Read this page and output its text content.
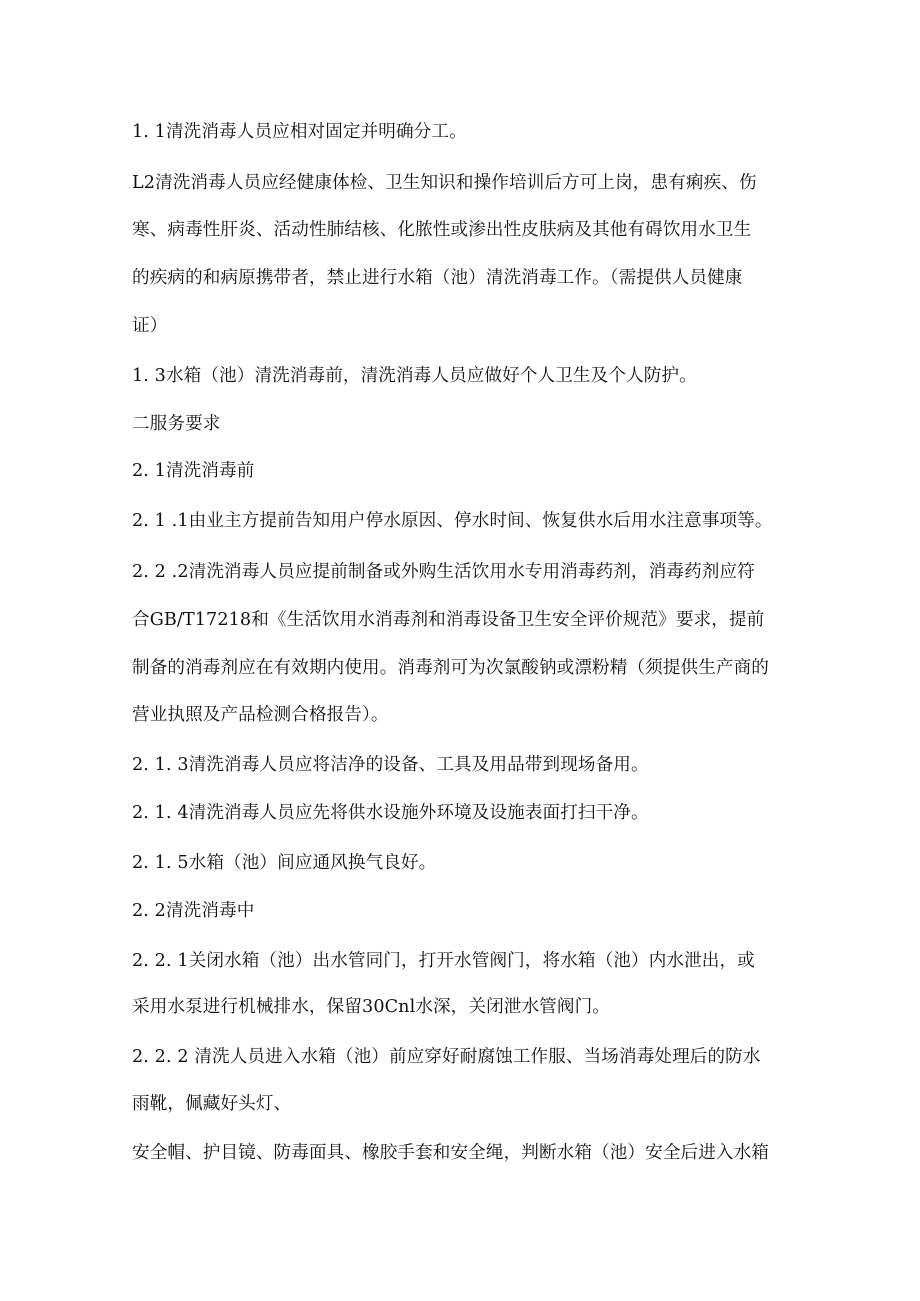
1. 1清洗消毒人员应相对固定并明确分工。
L2清洗消毒人员应经健康体检、卫生知识和操作培训后方可上岗，患有痢疾、伤
寒、病毒性肝炎、活动性肺结核、化脓性或渗出性皮肤病及其他有碍饮用水卫生
的疾病的和病原携带者，禁止进行水箱（池）清洗消毒工作。（需提供人员健康
证）
1. 3水箱（池）清洗消毒前，清洗消毒人员应做好个人卫生及个人防护。
二服务要求
2. 1清洗消毒前
2. 1 .1由业主方提前告知用户停水原因、停水时间、恢复供水后用水注意事项等。
2. 2 .2清洗消毒人员应提前制备或外购生活饮用水专用消毒药剂，消毒药剂应符
合GB/T17218和《生活饮用水消毒剂和消毒设备卫生安全评价规范》要求，提前
制备的消毒剂应在有效期内使用。消毒剂可为次氯酸钠或漂粉精（须提供生产商的
营业执照及产品检测合格报告）。
2. 1. 3清洗消毒人员应将洁净的设备、工具及用品带到现场备用。
2. 1. 4清洗消毒人员应先将供水设施外环境及设施表面打扫干净。
2. 1. 5水箱（池）间应通风换气良好。
2. 2清洗消毒中
2. 2. 1关闭水箱（池）出水管同门，打开水管阀门，将水箱（池）内水泄出，或
采用水泵进行机械排水，保留30Cnl水深，关闭泄水管阀门。
2. 2. 2 清洗人员进入水箱（池）前应穿好耐腐蚀工作服、当场消毒处理后的防水
雨靴，佩藏好头灯、
安全帽、护目镜、防毒面具、橡胶手套和安全绳，判断水箱（池）安全后进入水箱
